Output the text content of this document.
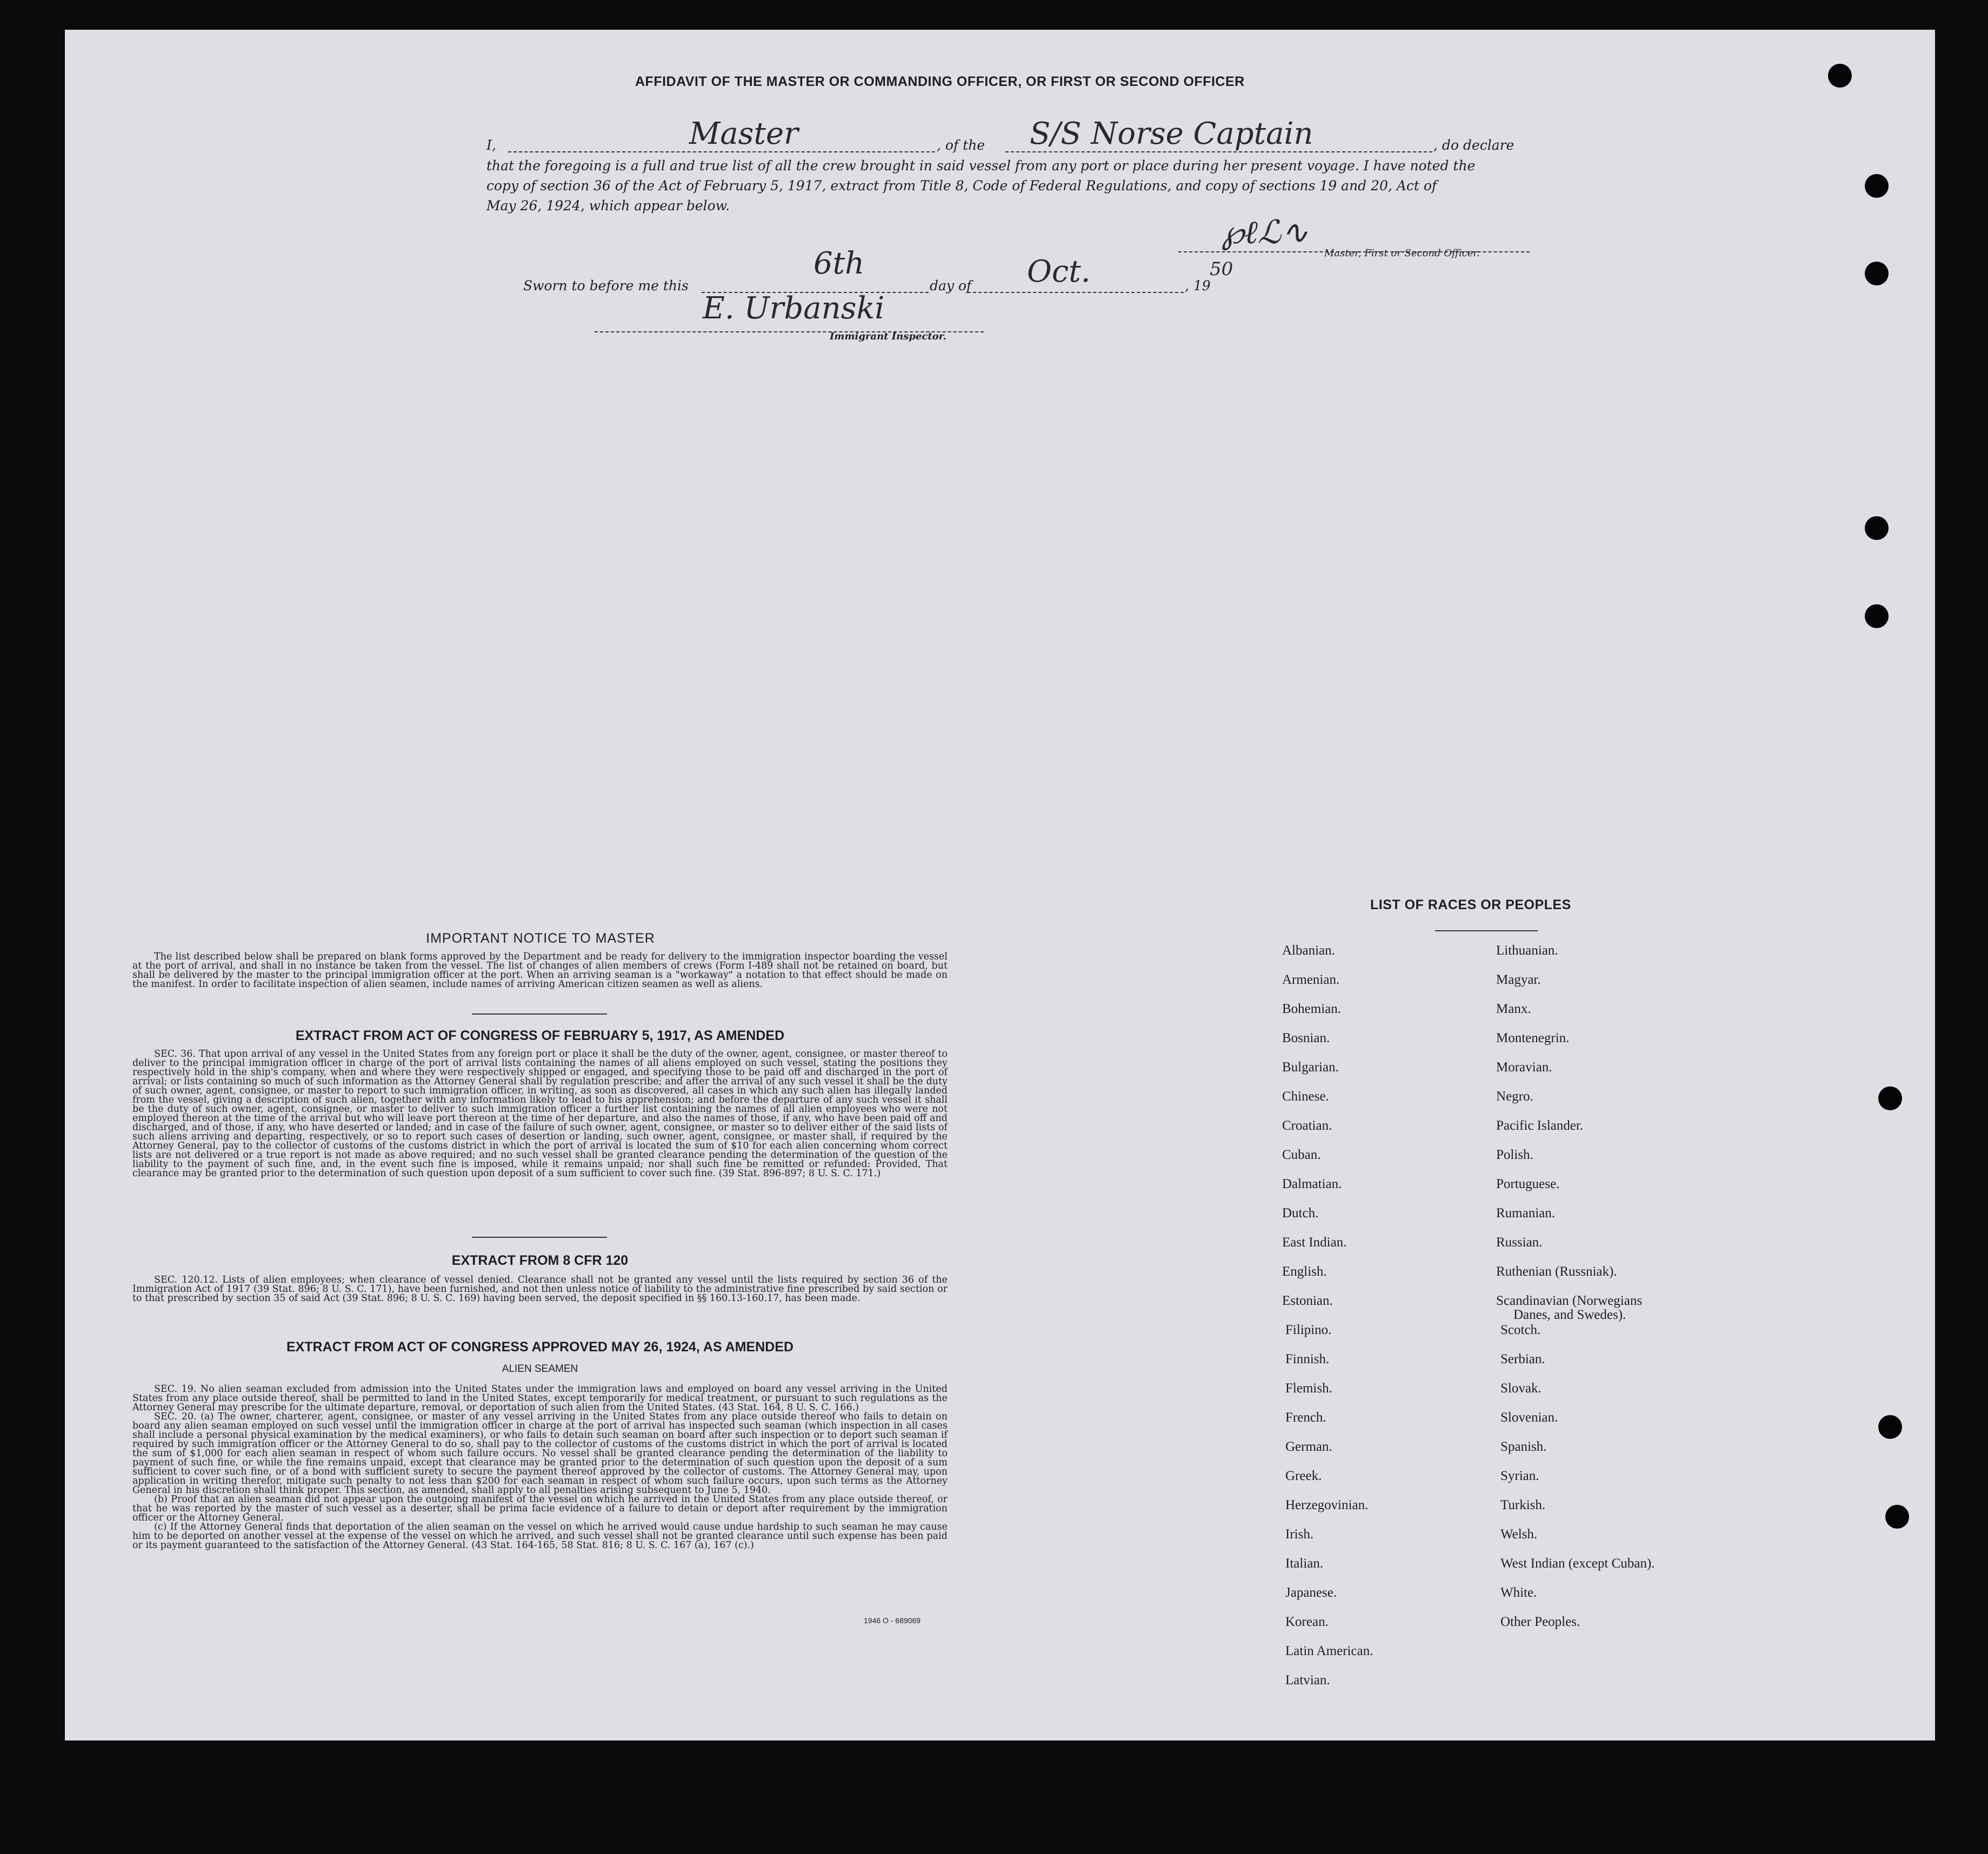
AFFIDAVIT OF THE MASTER OR COMMANDING OFFICER, OR FIRST OR SECOND OFFICER
I,	Master	, of the S/S Norse Captain	, do declare
that the foregoing is a full and true list of all the crew brought in said vessel from any port or place during her present voyage. I have noted the
copy of section 36 of the Act of February 5, 1917, extract from Title 8, Code of Federal Regulations, and copy of sections 19 and 20, Act of
May 26, 1924, which appear below.
℘ℓℒ∿
Master, First or Second Officer.
Sworn to before me this
6th
day of Oct.	, 19
50
E. Urbanski
Immigrant Inspector.
IMPORTANT NOTICE TO MASTER

The list described below shall be prepared on blank forms approved by the Department and be ready for delivery to the immigration inspector boarding the vessel at the port of arrival, and shall in no instance be taken from the vessel. The list of changes of alien members of crews (Form I-489 shall not be retained on board, but shall be delivered by the master to the principal immigration officer at the port. When an arriving seaman is a "workaway" a notation to that effect should be made on the manifest. In order to facilitate inspection of alien seamen, include names of arriving American citizen seamen as well as aliens.

EXTRACT FROM ACT OF CONGRESS OF FEBRUARY 5, 1917, AS AMENDED

SEC. 36. That upon arrival of any vessel in the United States from any foreign port or place it shall be the duty of the owner, agent, consignee, or master thereof to deliver to the principal immigration officer in charge of the port of arrival lists containing the names of all aliens employed on such vessel, stating the positions they respectively hold in the ship's company, when and where they were respectively shipped or engaged, and specifying those to be paid off and discharged in the port of arrival; or lists containing so much of such information as the Attorney General shall by regulation prescribe; and after the arrival of any such vessel it shall be the duty of such owner, agent, consignee, or master to report to such immigration officer, in writing, as soon as discovered, all cases in which any such alien has illegally landed from the vessel, giving a description of such alien, together with any information likely to lead to his apprehension; and before the departure of any such vessel it shall be the duty of such owner, agent, consignee, or master to deliver to such immigration officer a further list containing the names of all alien employees who were not employed thereon at the time of the arrival but who will leave port thereon at the time of her departure, and also the names of those, if any, who have been paid off and discharged, and of those, if any, who have deserted or landed; and in case of the failure of such owner, agent, consignee, or master so to deliver either of the said lists of such aliens arriving and departing, respectively, or so to report such cases of desertion or landing, such owner, agent, consignee, or master shall, if required by the Attorney General, pay to the collector of customs of the customs district in which the port of arrival is located the sum of $10 for each alien concerning whom correct lists are not delivered or a true report is not made as above required; and no such vessel shall be granted clearance pending the determination of the question of the liability to the payment of such fine, and, in the event such fine is imposed, while it remains unpaid; nor shall such fine be remitted or refunded: Provided, That clearance may be granted prior to the determination of such question upon deposit of a sum sufficient to cover such fine. (39 Stat. 896-897; 8 U. S. C. 171.)

EXTRACT FROM 8 CFR 120

SEC. 120.12. Lists of alien employees; when clearance of vessel denied. Clearance shall not be granted any vessel until the lists required by section 36 of the Immigration Act of 1917 (39 Stat. 896; 8 U. S. C. 171), have been furnished, and not then unless notice of liability to the administrative fine prescribed by said section or to that prescribed by section 35 of said Act (39 Stat. 896; 8 U. S. C. 169) having been served, the deposit specified in §§ 160.13-160.17, has been made.

EXTRACT FROM ACT OF CONGRESS APPROVED MAY 26, 1924, AS AMENDED
ALIEN SEAMEN

SEC. 19. No alien seaman excluded from admission into the United States under the immigration laws and employed on board any vessel arriving in the United States from any place outside thereof, shall be permitted to land in the United States, except temporarily for medical treatment, or pursuant to such regulations as the Attorney General may prescribe for the ultimate departure, removal, or deportation of such alien from the United States. (43 Stat. 164, 8 U. S. C. 166.)

SEC. 20. (a) The owner, charterer, agent, consignee, or master of any vessel arriving in the United States from any place outside thereof who fails to detain on board any alien seaman employed on such vessel until the immigration officer in charge at the port of arrival has inspected such seaman (which inspection in all cases shall include a personal physical examination by the medical examiners), or who fails to detain such seaman on board after such inspection or to deport such seaman if required by such immigration officer or the Attorney General to do so, shall pay to the collector of customs of the customs district in which the port of arrival is located the sum of $1,000 for each alien seaman in respect of whom such failure occurs. No vessel shall be granted clearance pending the determination of the liability to payment of such fine, or while the fine remains unpaid, except that clearance may be granted prior to the determination of such question upon the deposit of a sum sufficient to cover such fine, or of a bond with sufficient surety to secure the payment thereof approved by the collector of customs. The Attorney General may, upon application in writing therefor, mitigate such penalty to not less than $200 for each seaman in respect of whom such failure occurs, upon such terms as the Attorney General in his discretion shall think proper. This section, as amended, shall apply to all penalties arising subsequent to June 5, 1940.

(b) Proof that an alien seaman did not appear upon the outgoing manifest of the vessel on which he arrived in the United States from any place outside thereof, or that he was reported by the master of such vessel as a deserter, shall be prima facie evidence of a failure to detain or deport after requirement by the immigration officer or the Attorney General.

(c) If the Attorney General finds that deportation of the alien seaman on the vessel on which he arrived would cause undue hardship to such seaman he may cause him to be deported on another vessel at the expense of the vessel on which he arrived, and such vessel shall not be granted clearance until such expense has been paid or its payment guaranteed to the satisfaction of the Attorney General. (43 Stat. 164-165, 58 Stat. 816; 8 U. S. C. 167 (a), 167 (c).)

1946 O - 689069
LIST OF RACES OR PEOPLES
Albanian.
Armenian.
Bohemian.
Bosnian.
Bulgarian.
Chinese.
Croatian.
Cuban.
Dalmatian.
Dutch.
East Indian.
English.
Estonian.
Filipino.
Finnish.
Flemish.
French.
German.
Greek.
Herzegovinian.
Irish.
Italian.
Japanese.
Korean.
Latin American.
Latvian.
Lithuanian.
Magyar.
Manx.
Montenegrin.
Moravian.
Negro.
Pacific Islander.
Polish.
Portuguese.
Rumanian.
Russian.
Ruthenian (Russniak).
Scandinavian (Norwegians
Danes, and Swedes).
Scotch.
Serbian.
Slovak.
Slovenian.
Spanish.
Syrian.
Turkish.
Welsh.
West Indian (except Cuban).
White.
Other Peoples.
